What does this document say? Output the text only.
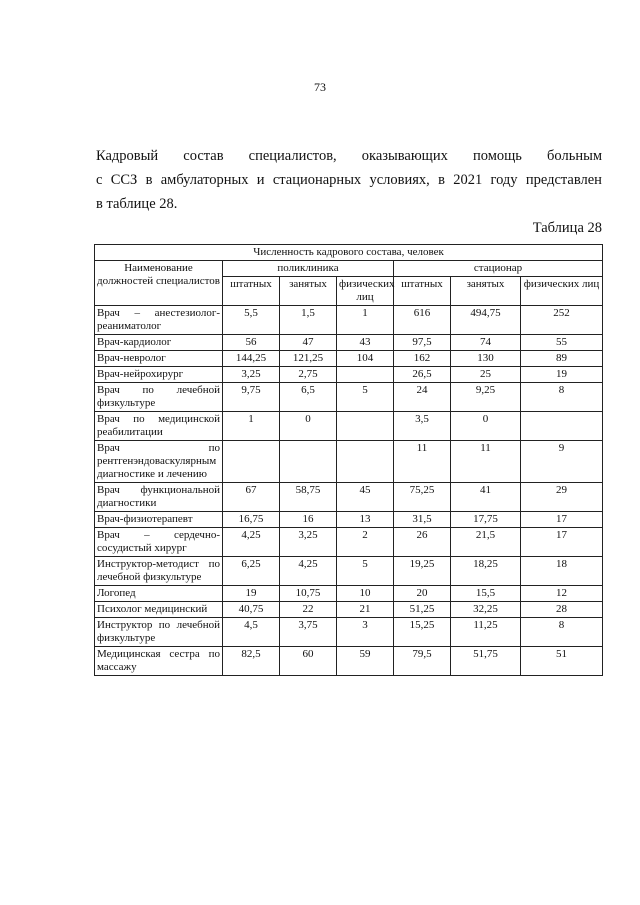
73
Кадровый состав специалистов, оказывающих помощь больным
с ССЗ в амбулаторных и стационарных условиях, в 2021 году представлен
в таблице 28.
Таблица 28
Численность кадрового состава, человек						
Наименование должностей специалистов	поликлиника			стационар		
	штатных	занятых	физических лиц	штатных	занятых	физических лиц
Врач – анестезиолог-реаниматолог	5,5	1,5	1	616	494,75	252
Врач-кардиолог	56	47	43	97,5	74	55
Врач-невролог	144,25	121,25	104	162	130	89
Врач-нейрохирург	3,25	2,75		26,5	25	19
Врач по лечебной физкультуре	9,75	6,5	5	24	9,25	8
Врач по медицинской реабилитации	1	0		3,5	0	
Врач по рентгенэндоваскулярным диагностике и лечению				11	11	9
Врач функциональной диагностики	67	58,75	45	75,25	41	29
Врач-физиотерапевт	16,75	16	13	31,5	17,75	17
Врач – сердечно-сосудистый хирург	4,25	3,25	2	26	21,5	17
Инструктор-методист по лечебной физкультуре	6,25	4,25	5	19,25	18,25	18
Логопед	19	10,75	10	20	15,5	12
Психолог медицинский	40,75	22	21	51,25	32,25	28
Инструктор по лечебной физкультуре	4,5	3,75	3	15,25	11,25	8
Медицинская сестра по массажу	82,5	60	59	79,5	51,75	51
